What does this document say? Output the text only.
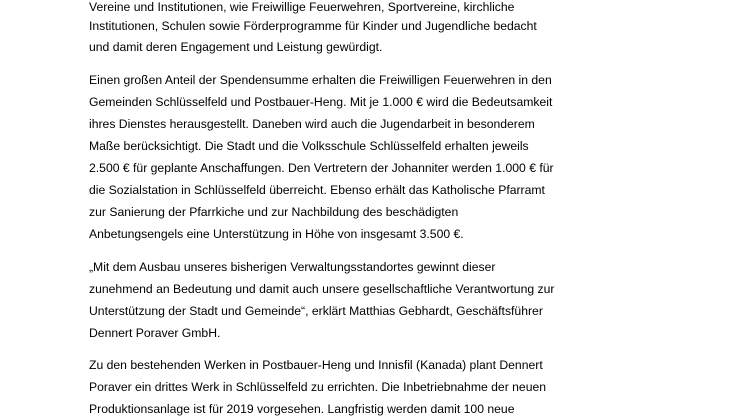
Vereine und Institutionen, wie Freiwillige Feuerwehren, Sportvereine, kirchliche

Institutionen, Schulen sowie Förderprogramme für Kinder und Jugendliche bedacht

und damit deren Engagement und Leistung gewürdigt.

Einen großen Anteil der Spendensumme erhalten die Freiwilligen Feuerwehren in den

Gemeinden Schlüsselfeld und Postbauer-Heng. Mit je 1.000 € wird die Bedeutsamkeit

ihres Dienstes herausgestellt. Daneben wird auch die Jugendarbeit in besonderem

Maße berücksichtigt. Die Stadt und die Volksschule Schlüsselfeld erhalten jeweils

2.500 € für geplante Anschaffungen. Den Vertretern der Johanniter werden 1.000 € für

die Sozialstation in Schlüsselfeld überreicht. Ebenso erhält das Katholische Pfarramt

zur Sanierung der Pfarrkiche und zur Nachbildung des beschädigten

Anbetungsengels eine Unterstützung in Höhe von insgesamt 3.500 €.

„Mit dem Ausbau unseres bisherigen Verwaltungsstandortes gewinnt dieser

zunehmend an Bedeutung und damit auch unsere gesellschaftliche Verantwortung zur

Unterstützung der Stadt und Gemeinde“, erklärt Matthias Gebhardt, Geschäftsführer

Dennert Poraver GmbH.

Zu den bestehenden Werken in Postbauer-Heng und Innisfil (Kanada) plant Dennert

Poraver ein drittes Werk in Schlüsselfeld zu errichten. Die Inbetriebnahme der neuen

Produktionsanlage ist für 2019 vorgesehen. Langfristig werden damit 100 neue
